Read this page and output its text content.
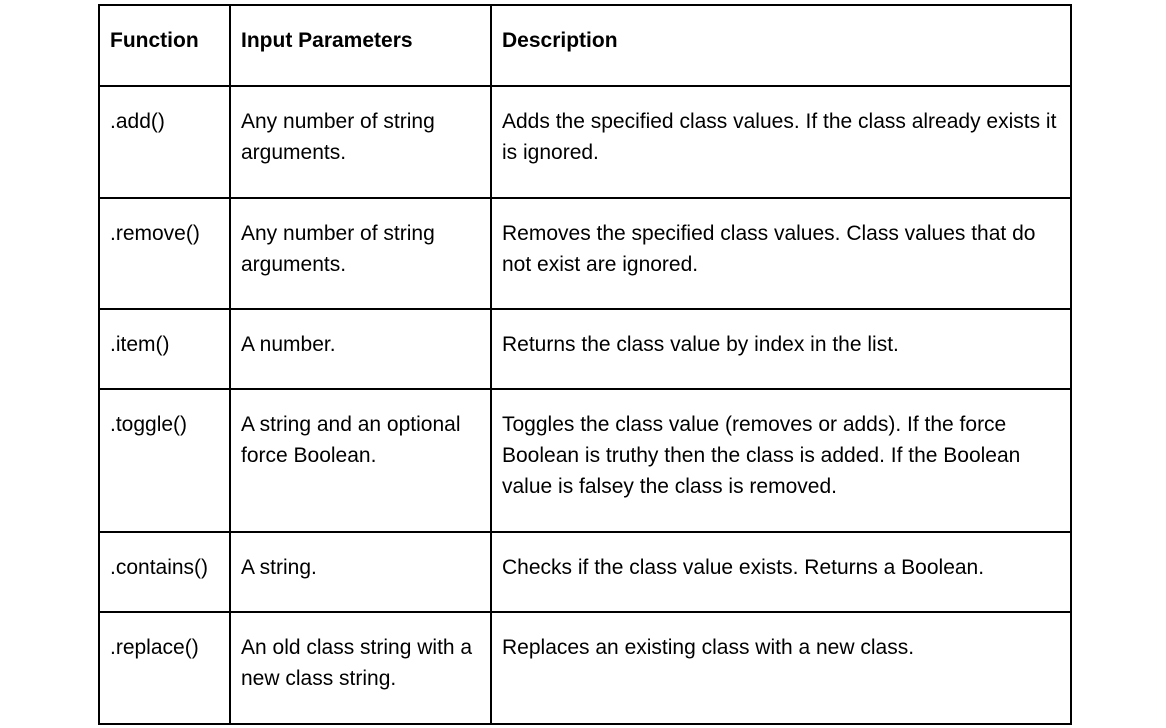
Function	Input Parameters	Description
.add()	Any number of string arguments.	Adds the specified class values. If the class already exists it is ignored.
.remove()	Any number of string arguments.	Removes the specified class values. Class values that do not exist are ignored.
.item()	A number.	Returns the class value by index in the list.
.toggle()	A string and an optional force Boolean.	Toggles the class value (removes or adds). If the force Boolean is truthy then the class is added. If the Boolean value is falsey the class is removed.
.contains()	A string.	Checks if the class value exists. Returns a Boolean.
.replace()	An old class string with a new class string.	Replaces an existing class with a new class.
